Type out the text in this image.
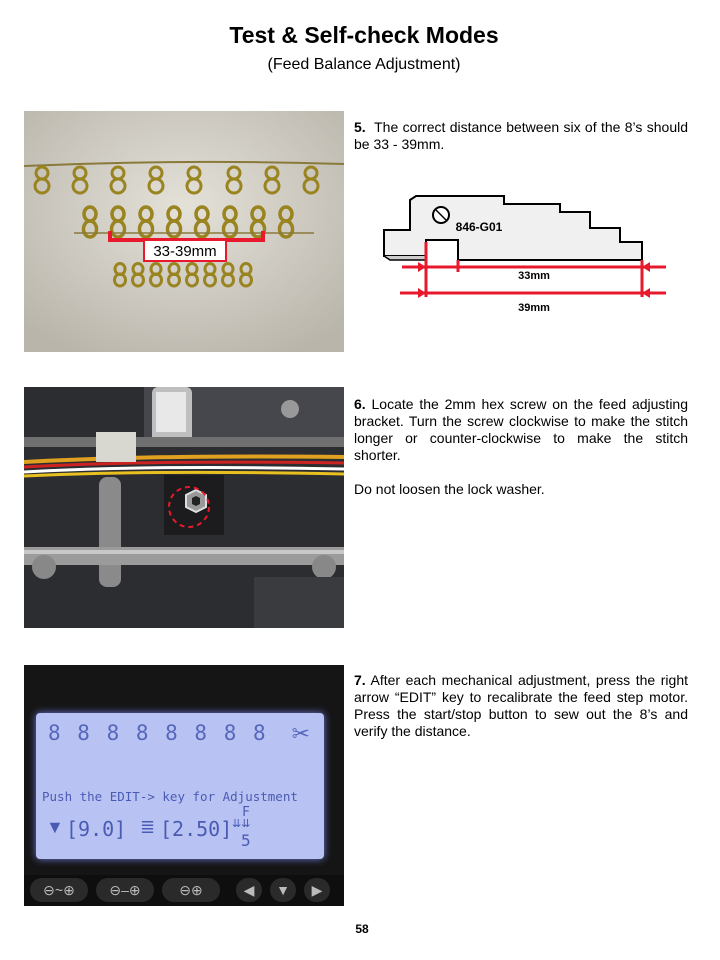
Test & Self-check Modes
(Feed Balance Adjustment)
33-39mm
5. The correct distance between six of the 8’s should be 33 - 39mm.
846-G01
33mm
39mm

6. Locate the 2mm hex screw on the feed adjusting bracket. Turn the screw clockwise to make the stitch longer or counter-clockwise to make the stitch shorter.

Do not loosen the lock washer.

8 8 8 8 8 8 8 8 ✂
Push the EDIT-> key for Adjustment
▼ [9.0] ≣ [2.50]
F
⇊⇊
5
⊖~⊕	⊖–⊕	⊖⊕	◀	▼	▶
7. After each mechanical adjustment, press the right arrow “EDIT” key to recalibrate the feed step motor. Press the start/stop button to sew out the 8’s and verify the distance.
58
